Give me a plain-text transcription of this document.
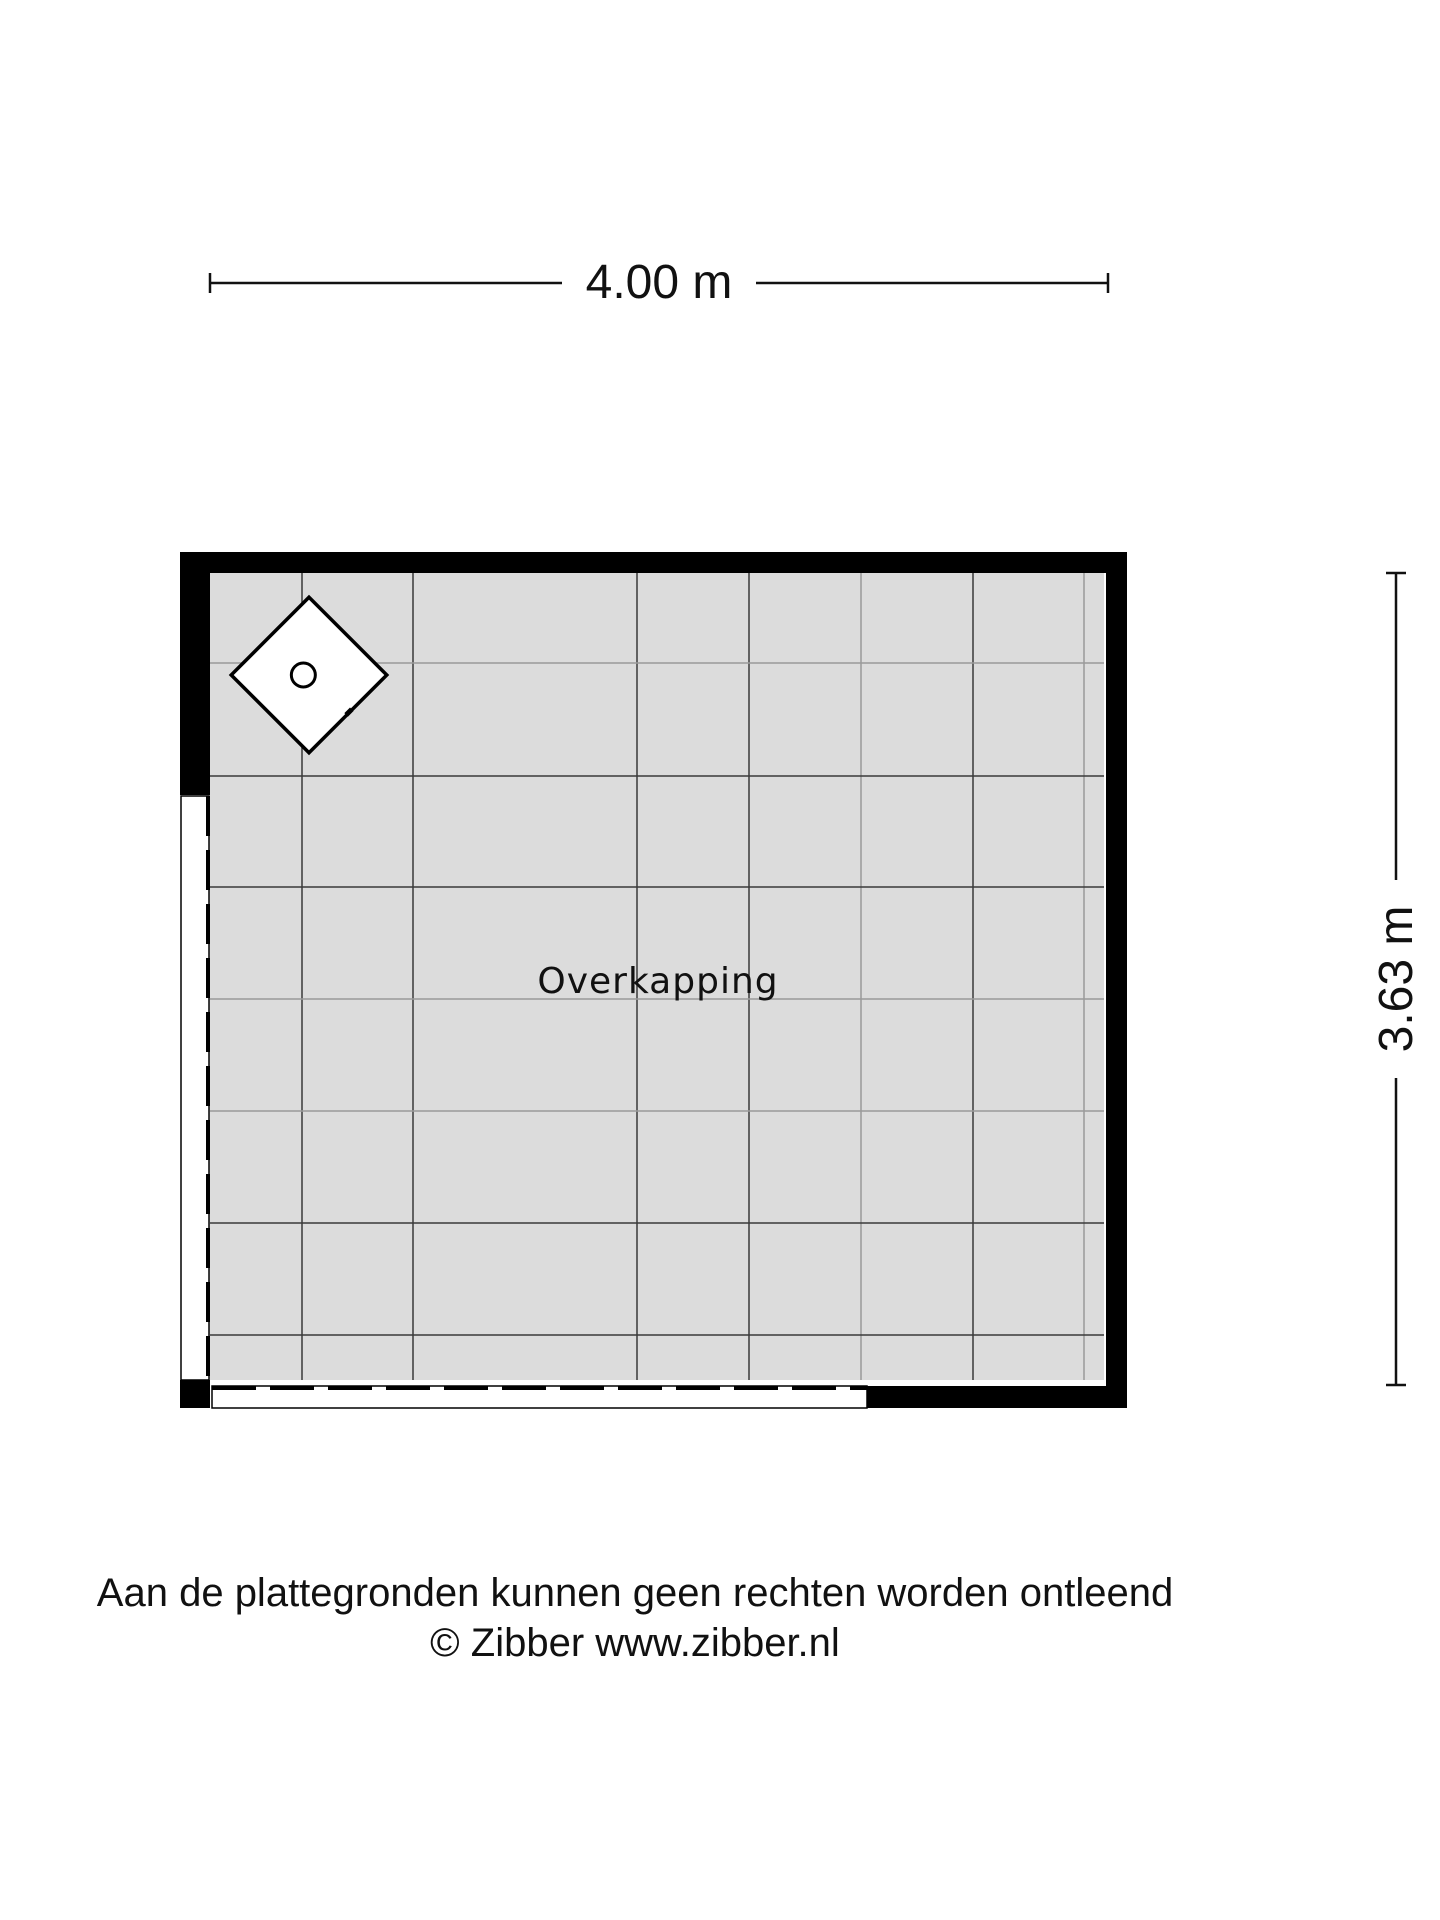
4.00 m
3.63 m
Overkapping
Aan de plattegronden kunnen geen rechten worden ontleend
© Zibber www.zibber.nl
